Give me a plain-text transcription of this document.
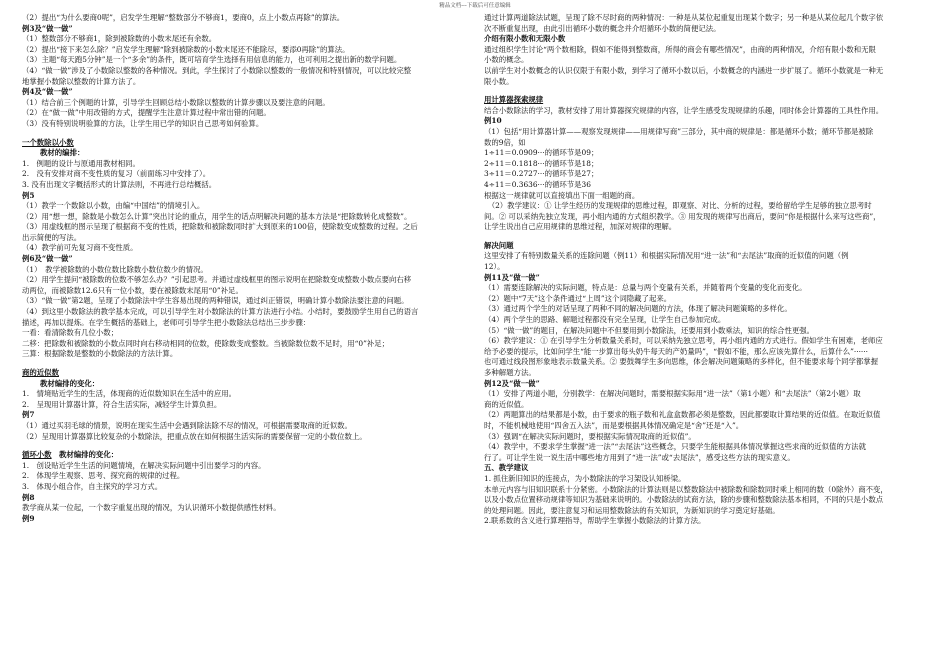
精品文档---下载后可任意编辑
（2）提出“为什么要商0呢”，启发学生理解“整数部分不够商1，要商0，点上小数点再除”的算法。
例3及“做一做”
（1）整数部分不够商1，除到被除数的小数末尾还有余数。
（2）提出“接下来怎么除？”启发学生理解“除到被除数的小数末尾还不能除尽，要添0再除”的算法。
（3）主题“每天跑5分钟”是一个“多余”的条件，既可培育学生选择有用信息的能力，也可利用之提出新的数学问题。
（4）“做一做”涉及了小数除以整数的各种情况。到此，学生探讨了小数除以整数的一般情况和特别情况，可以比较完整
地掌握小数除以整数的计算方法了。
例4及“做一做”
（1）结合前三个例题的计算，引导学生回顾总结小数除以整数的计算步骤以及要注意的问题。
（2）在“做一做”中用改错的方式，提醒学生注意计算过程中常出错的问题。
（3）没有特别说明验算的方法，让学生用已学的知识自己思考如何验算。
一个数除以小数
教材的编排：
1.　例题的设计与原通用教材相同。
2.　没有安排对商不变性质的复习（前面练习中安排了）。
3. 没有出现文字概括形式的计算法则，不再进行总结概括。
例5
（1）教学一个数除以小数，由编“中国结”的情境引入。
（2）用“想一想，除数是小数怎么计算”突出讨论的重点，用学生的话点明解决问题的基本方法是“把除数转化成整数”。
（3）用虚线框的图示呈现了根据商不变的性质，把除数和被除数同时扩大到原来的100倍，使除数变成整数的过程。之后
出示简便的写法。
（4）教学前可先复习商不变性质。
例6及“做一做”
（1）　教学被除数的小数位数比除数小数位数少的情况。
（2）用学生提问“被除数的位数不够怎么办？”引起思考。并通过虚线框里的图示说明在把除数变成整数小数点要向右移
动两位，而被除数12.6只有一位小数，要在被除数末尾用“0”补足。
（3）“做一做”第2题，呈现了小数除法中学生容易出现的两种错误，通过纠正错误，明确计算小数除法要注意的问题。
（4）到这里小数除法的教学基本完成，可以引导学生对小数除法的计算方法进行小结。小结时，要鼓励学生用自己的语言
描述，再加以提炼。在学生概括的基础上，老师可引导学生把小数除法总结出三步步骤：
一看：看清除数有几位小数；
二移：把除数和被除数的小数点同时向右移动相同的位数，使除数变成整数。当被除数位数不足时，用“0”补足；
三算：根据除数是整数的小数除法的方法计算。
商的近似数
教材编排的变化：
1.　情境贴近学生的生活，体现商的近似数知识在生活中的应用。
2.　呈现用计算器计算，符合生活实际，减轻学生计算负担。
例7
（1）通过买羽毛球的情景，说明在现实生活中会遇到除法除不尽的情况，可根据需要取商的近似数。
（2）呈现用计算器算比较复杂的小数除法，把重点放在如何根据生活实际的需要保留一定的小数位数上。
循环小数　教材编排的变化：
1.　创设贴近学生生活的问题情境，在解决实际问题中引出要学习的内容。
2.　体现学生观察、思考、探究商的规律的过程。
3.　体现小组合作，自主探究的学习方式。
例8
教学商从某一位起，一个数字重复出现的情况，为认识循环小数提供感性材料。
例9
通过计算两道除法试题，呈现了除不尽时商的两种情况：一种是从某位起重复出现某个数字；另一种是从某位起几个数字依
次不断重复出现，由此引出循环小数的概念并介绍循环小数的简便记法。
介绍有限小数和无限小数
通过组织学生讨论“两个数相除，假如不能得到整数商，所得的商会有哪些情况”，由商的两种情况，介绍有限小数和无限
小数的概念。
以前学生对小数概念的认识仅限于有限小数，到学习了循环小数以后，小数概念的内涵进一步扩展了。循环小数就是一种无
限小数。
用计算器探索规律
结合小数除法的学习，教材安排了用计算器探究规律的内容，让学生感受发现规律的乐趣，同时体会计算器的工具性作用。
例10
（1）包括“用计算器计算——观察发现规律——用规律写商”三部分，其中商的规律是：都是循环小数；循环节都是被除
数的9倍，如
1÷11＝0.0909···的循环节是09；
2÷11＝0.1818···的循环节是18；
3÷11＝0.2727···的循环节是27；
4÷11＝0.3636···的循环节是36
根据这一规律就可以直接填出下面一组题的商。
　（2）教学建议：① 让学生经历的发现规律的思维过程，即观察、对比、分析的过程，要给留给学生足够的独立思考时
间。② 可以采纳先独立发现，再小组内通的方式组织教学。③ 用发现的规律写出商后，要问“你是根据什么来写这些商”，
让学生说出自己应用规律的思维过程，加深对规律的理解。
解决问题
这里安排了有特别数量关系的连除问题（例11）和根据实际情况用“进一法”和“去尾法”取商的近似值的问题（例
12）。
例11及“做一做”
（1）需要连除解决的实际问题，特点是：总量与两个变量有关系，并随着两个变量的变化而变化。
（2）题中“7天”这个条件通过“上周”这个词隐藏了起来。
（3）通过两个学生的对话呈现了两种不同的解决问题的方法，体现了解决问题策略的多样化。
（4）两个学生的思路、解题过程都没有完全呈现，让学生自己参加完成。
（5）“做一做”的题目，在解决问题中不但要用到小数除法，还要用到小数乘法，知识的综合性更强。
（6）教学建议：① 在引导学生分析数量关系时，可以采纳先独立思考，再小组内通的方式进行。假如学生有困难，老师应
给予必要的提示，比如问学生“能一步算出每头奶牛每天的产奶量吗”，“假如不能，那么应该先算什么，后算什么”······
也可通过线段图形象地表示数量关系。② 要鼓舞学生多向思维，体会解决问题策略的多样化，但不能要求每个同学都掌握
多种解题方法。
例12及“做一做”
（1）安排了两道小题，分别教学：在解决问题时，需要根据实际用“进一法”（第1小题）和“去尾法”（第2小题）取
商的近似值。
（2）两题算出的结果都是小数，由于要求的瓶子数和礼盒盒数都必须是整数，因此都要取计算结果的近似值。在取近似值
时，不能机械地使用“四舍五入法”，而是要根据具体情况确定是“舍”还是“入”。
（3）强调“在解决实际问题时，要根据实际情况取商的近似值”。
（4）教学中，不要求学生掌握“进一法”“去尾法”这些概念，只要学生能根据具体情况掌握这些求商的近似值的方法就
行了。可让学生说一说生活中哪些地方用到了“进一法”或“去尾法”，感受这些方法的现实意义。
五、教学建议
1. 抓住新旧知识的连接点，为小数除法的学习架设认知桥梁。
本单元内容与旧知识联系十分紧密。小数除法的计算法则是以整数除法中被除数和除数同时乘上相同的数（0除外）商不变，
以及小数点位置移动规律等知识为基础来说明的。小数除法的试商方法，除的步骤和整数除法基本相同，不同的只是小数点
的处理问题。因此，要注意复习和运用整数除法的有关知识，为新知识的学习奠定好基础。
2.联系数的含义进行算理指导，帮助学生掌握小数除法的计算方法。
